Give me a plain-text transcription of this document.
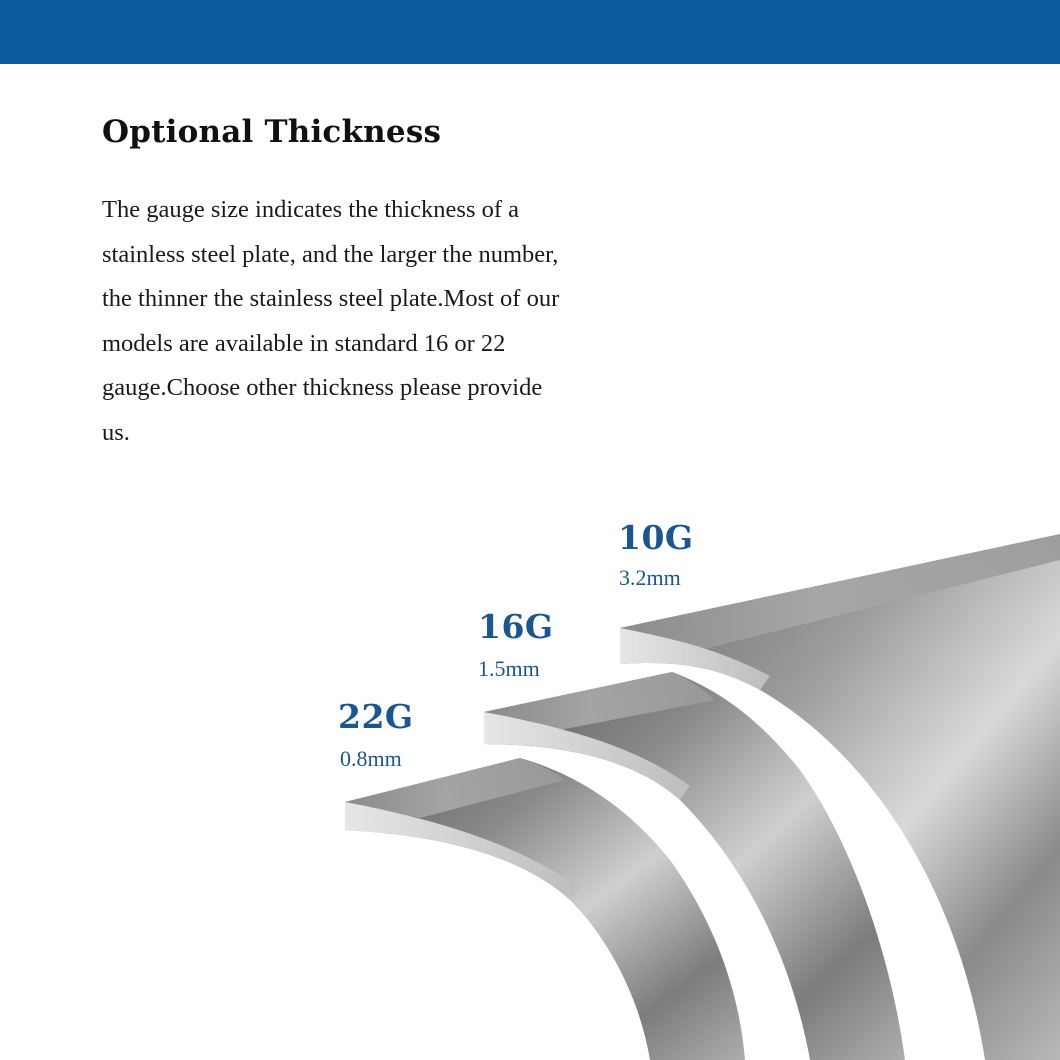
Optional Thickness

The gauge size indicates the thickness of a stainless steel plate, and the larger the number, the thinner the stainless steel plate.Most of our models are available in standard 16 or 22 gauge.Choose other thickness please provide us.

10G
3.2mm
16G
1.5mm
22G
0.8mm
